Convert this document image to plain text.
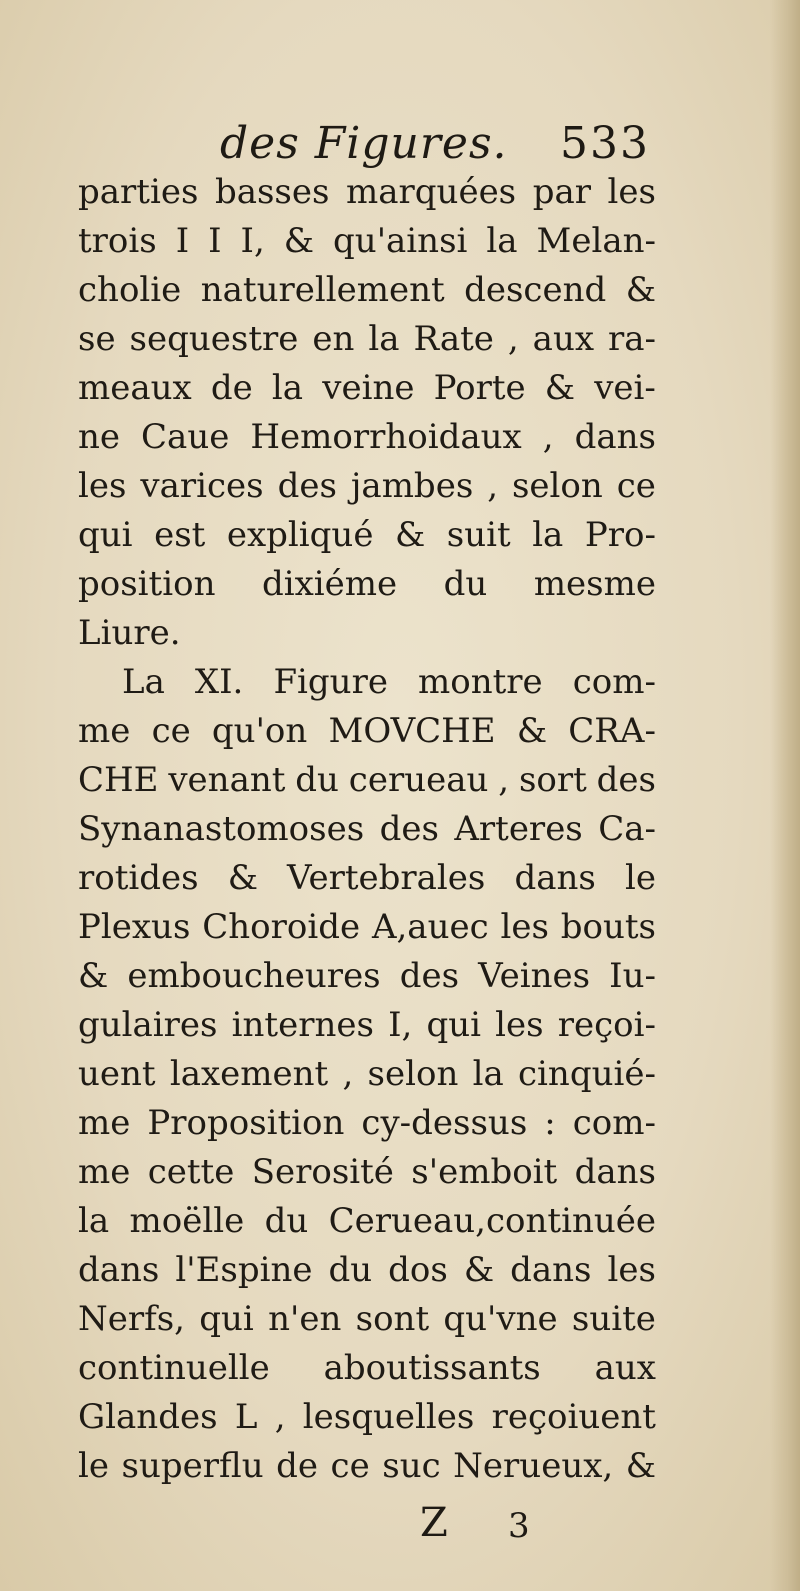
des Figures. 533
parties basses marquées par les
trois I I I, & qu'ainsi la Melan-
cholie naturellement descend &
se sequestre en la Rate , aux ra-
meaux de la veine Porte & vei-
ne Caue Hemorrhoidaux , dans
les varices des jambes , selon ce
qui est expliqué & suit la Pro-
position dixiéme du mesme
Liure.
La XI. Figure montre com-
me ce qu'on MOVCHE & CRA-
CHE venant du cerueau , sort des
Synanastomoses des Arteres Ca-
rotides & Vertebrales dans le
Plexus Choroide A,auec les bouts
& emboucheures des Veines Iu-
gulaires internes I, qui les reçoi-
uent laxement , selon la cinquié-
me Proposition cy-dessus : com-
me cette Serosité s'emboit dans
la moëlle du Cerueau,continuée
dans l'Espine du dos & dans les
Nerfs, qui n'en sont qu'vne suite
continuelle aboutissants aux
Glandes L , lesquelles reçoiuent
le superflu de ce suc Nerueux, &
Z 3
